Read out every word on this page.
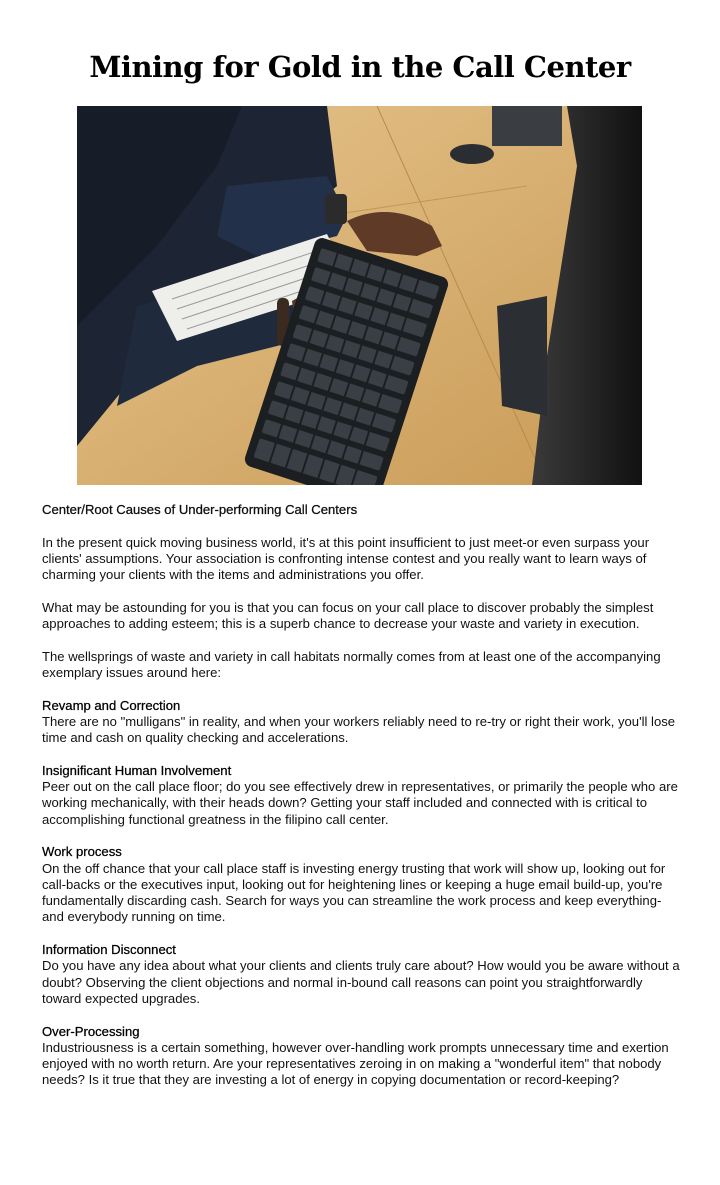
Mining for Gold in the Call Center

Center/Root Causes of Under-performing Call Centers

In the present quick moving business world, it's at this point insufficient to just meet-or even surpass your clients' assumptions. Your association is confronting intense contest and you really want to learn ways of charming your clients with the items and administrations you offer.

What may be astounding for you is that you can focus on your call place to discover probably the simplest approaches to adding esteem; this is a superb chance to decrease your waste and variety in execution.

The wellsprings of waste and variety in call habitats normally comes from at least one of the accompanying exemplary issues around here:

Revamp and Correction

There are no "mulligans" in reality, and when your workers reliably need to re-try or right their work, you'll lose time and cash on quality checking and accelerations.

Insignificant Human Involvement

Peer out on the call place floor; do you see effectively drew in representatives, or primarily the people who are working mechanically, with their heads down? Getting your staff included and connected with is critical to accomplishing functional greatness in the filipino call center.

Work process

On the off chance that your call place staff is investing energy trusting that work will show up, looking out for call-backs or the executives input, looking out for heightening lines or keeping a huge email build-up, you're fundamentally discarding cash. Search for ways you can streamline the work process and keep everything-and everybody running on time.

Information Disconnect

Do you have any idea about what your clients and clients truly care about? How would you be aware without a doubt? Observing the client objections and normal in-bound call reasons can point you straightforwardly toward expected upgrades.

Over-Processing

Industriousness is a certain something, however over-handling work prompts unnecessary time and exertion enjoyed with no worth return. Are your representatives zeroing in on making a "wonderful item" that nobody needs? Is it true that they are investing a lot of energy in copying documentation or record-keeping?
